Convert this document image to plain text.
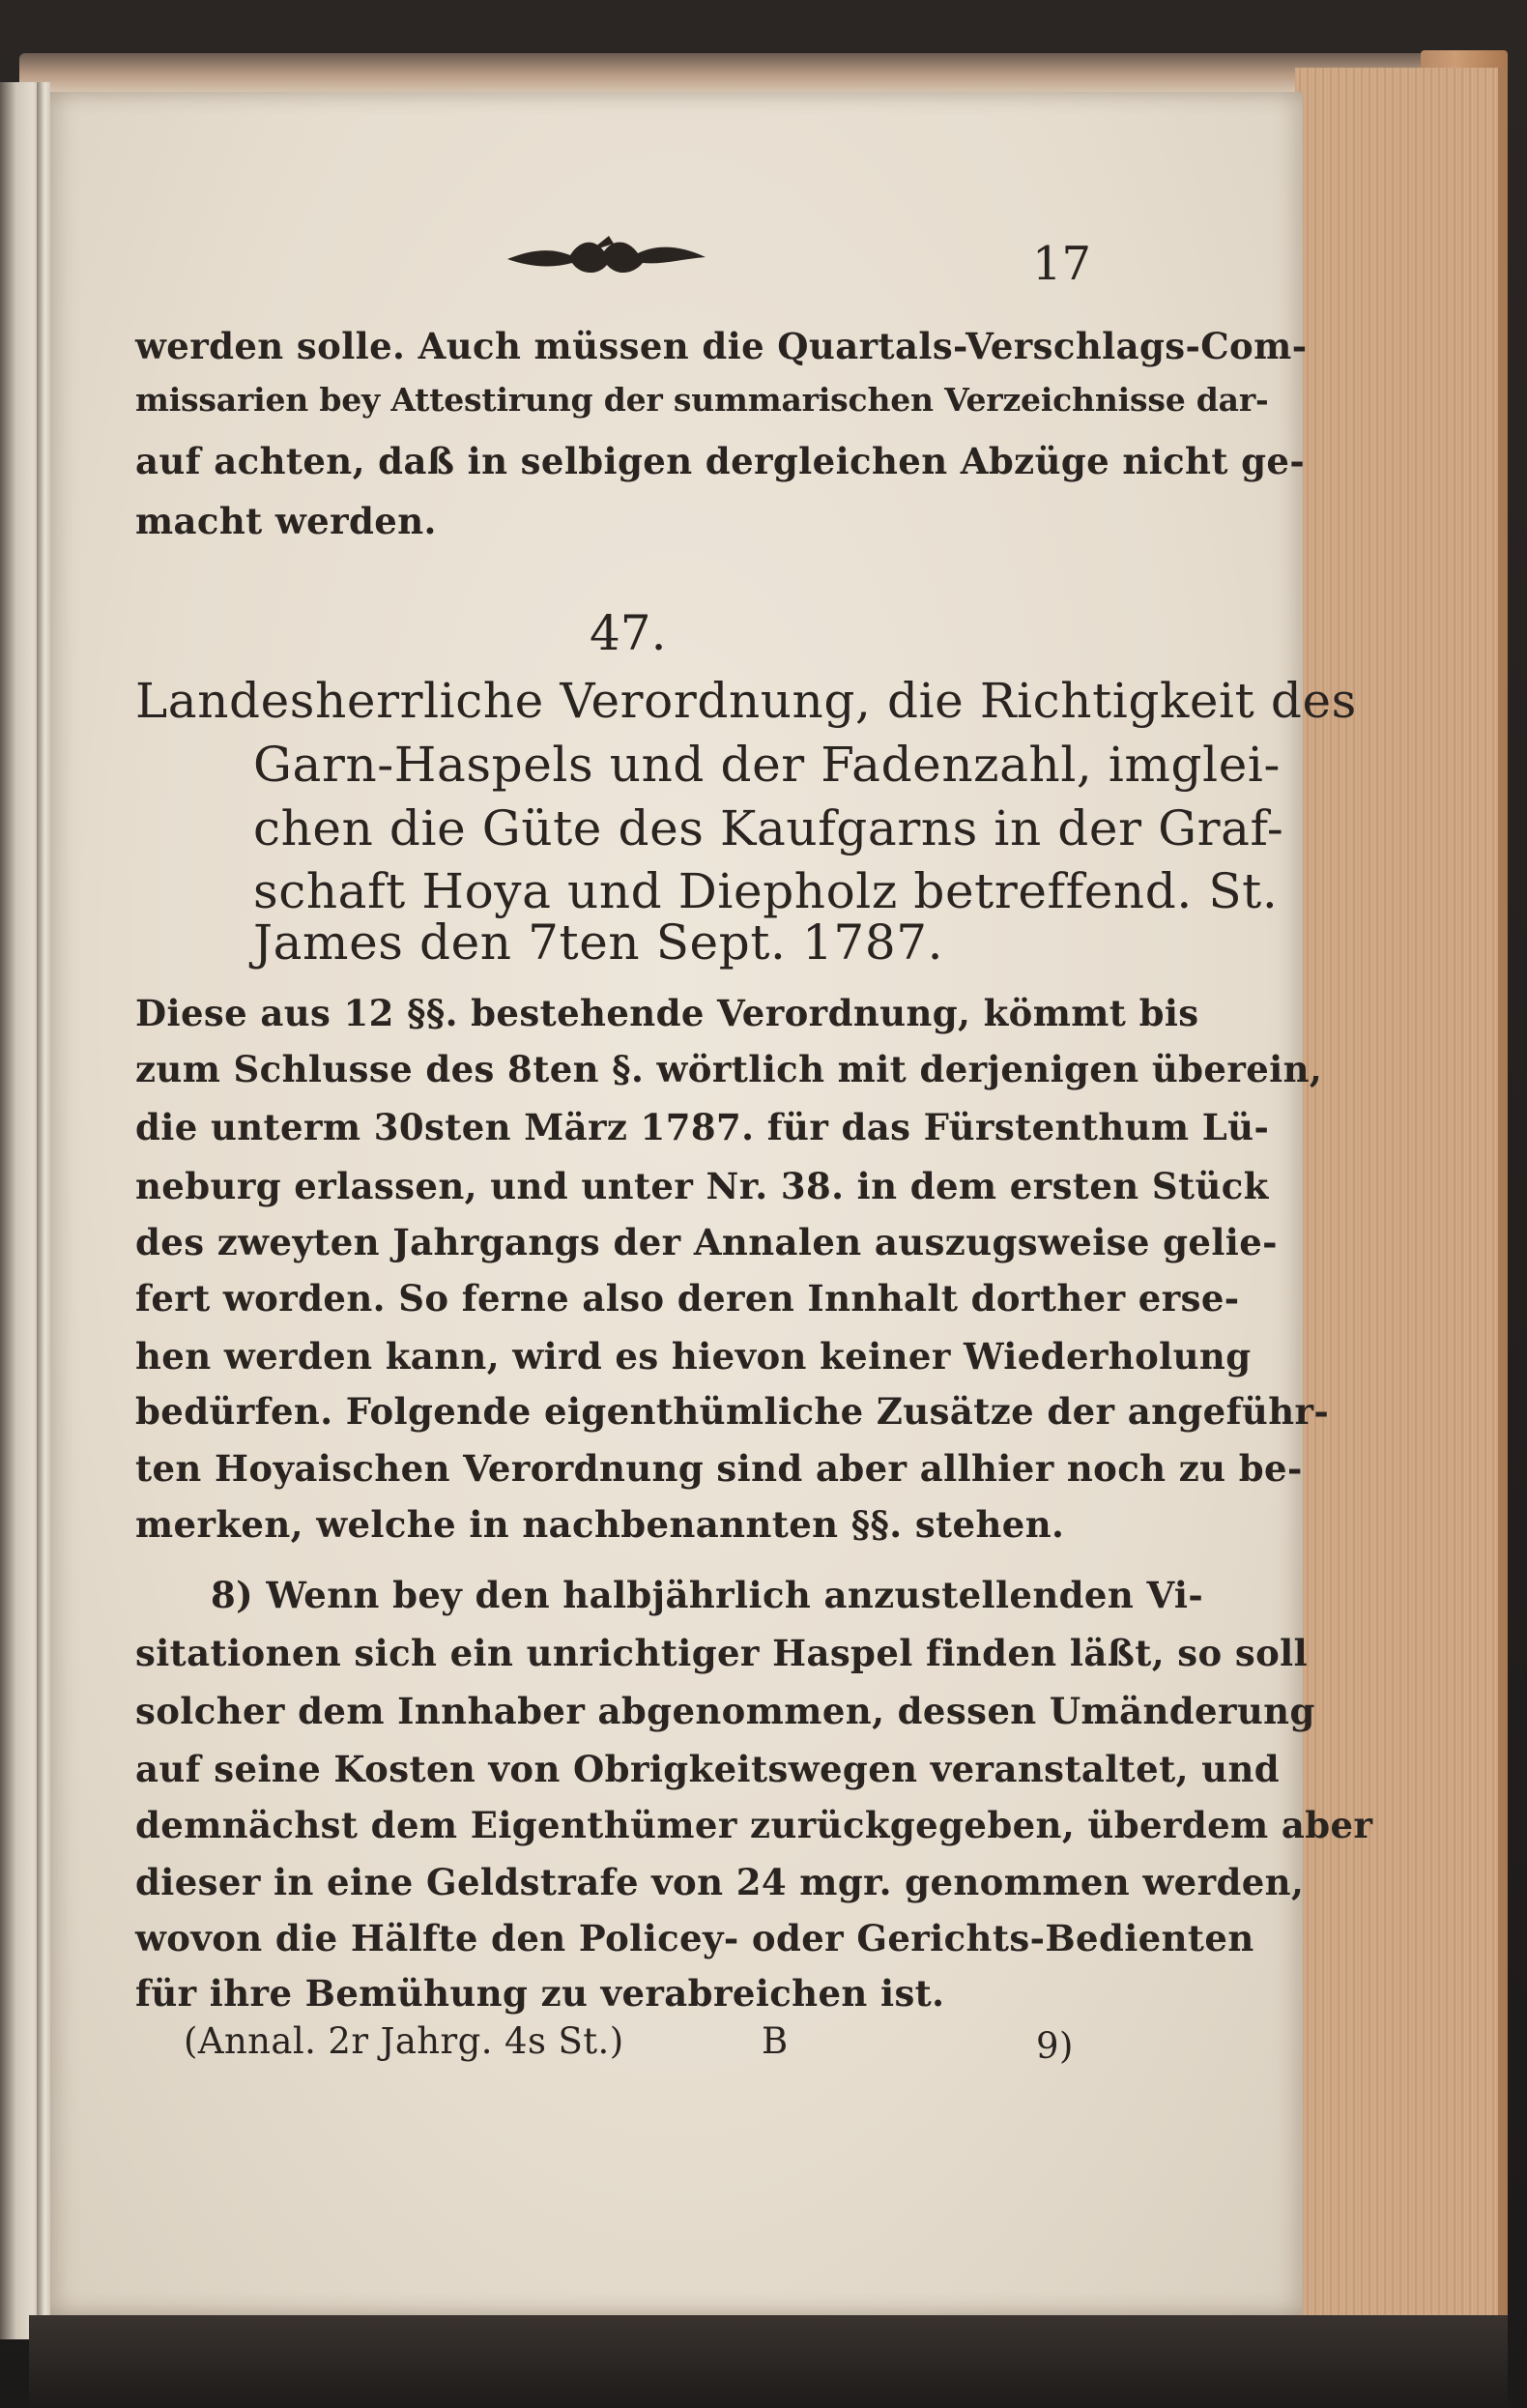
17

werden solle. Auch müssen die Quartals-Verschlags-Com-

missarien bey Attestirung der summarischen Verzeichnisse dar-

auf achten, daß in selbigen dergleichen Abzüge nicht ge-

macht werden.

47.

Landesherrliche Verordnung, die Richtigkeit des

Garn-Haspels und der Fadenzahl, imglei-

chen die Güte des Kaufgarns in der Graf-

schaft Hoya und Diepholz betreffend. St.

James den 7ten Sept. 1787.

Diese aus 12 §§. bestehende Verordnung, kömmt bis

zum Schlusse des 8ten §. wörtlich mit derjenigen überein,

die unterm 30sten März 1787. für das Fürstenthum Lü-

neburg erlassen, und unter Nr. 38. in dem ersten Stück

des zweyten Jahrgangs der Annalen auszugsweise gelie-

fert worden. So ferne also deren Innhalt dorther erse-

hen werden kann, wird es hievon keiner Wiederholung

bedürfen. Folgende eigenthümliche Zusätze der angeführ-

ten Hoyaischen Verordnung sind aber allhier noch zu be-

merken, welche in nachbenannten §§. stehen.

8) Wenn bey den halbjährlich anzustellenden Vi-

sitationen sich ein unrichtiger Haspel finden läßt, so soll

solcher dem Innhaber abgenommen, dessen Umänderung

auf seine Kosten von Obrigkeitswegen veranstaltet, und

demnächst dem Eigenthümer zurückgegeben, überdem aber

dieser in eine Geldstrafe von 24 mgr. genommen werden,

wovon die Hälfte den Policey- oder Gerichts-Bedienten

für ihre Bemühung zu verabreichen ist.

(Annal. 2r Jahrg. 4s St.)	B	9)
